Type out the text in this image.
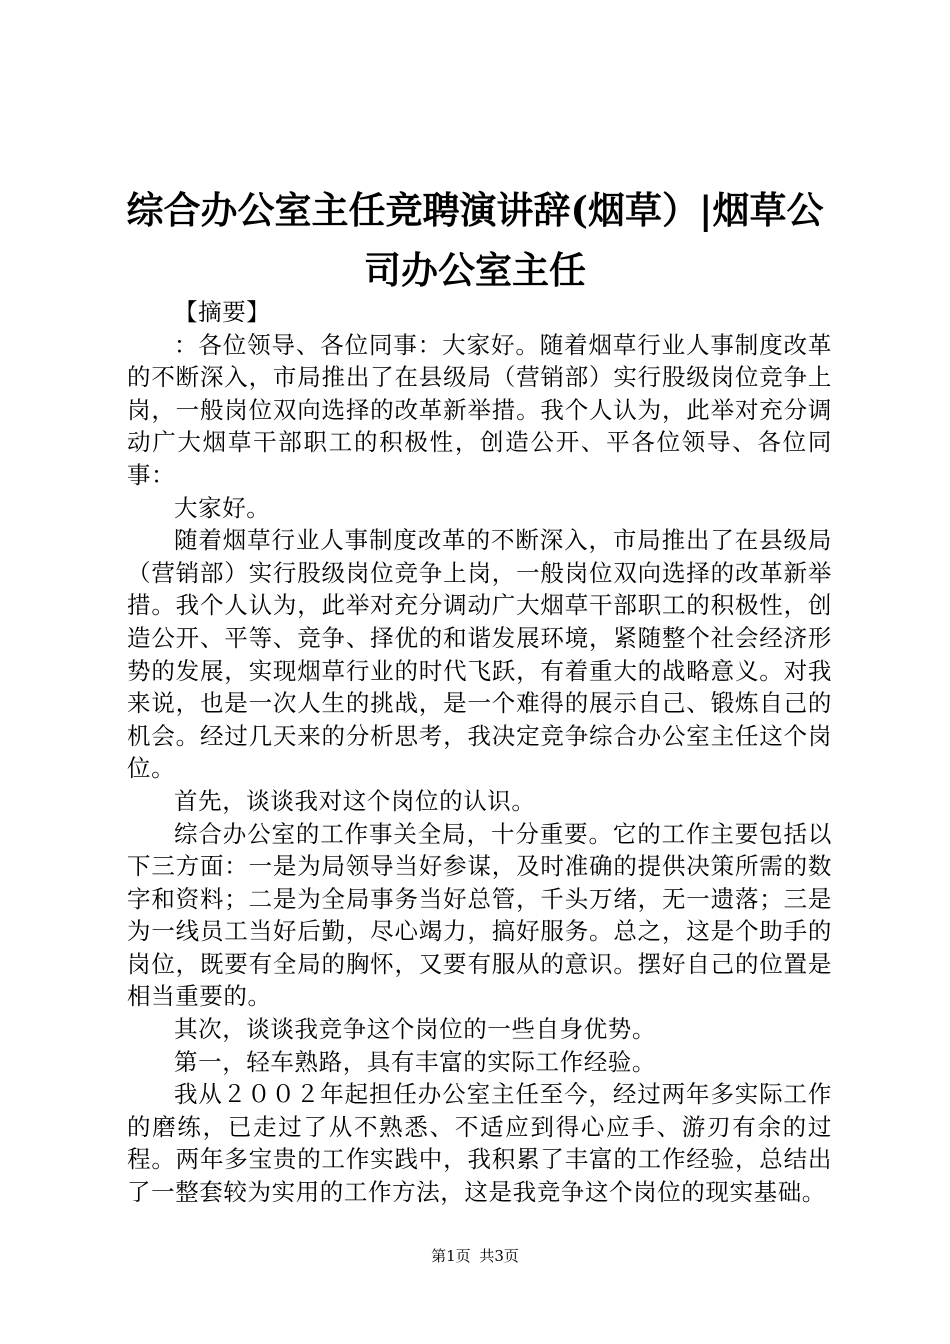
综合办公室主任竞聘演讲辞(烟草）|烟草公司办公室主任

【摘要】

：各位领导、各位同事：大家好。随着烟草行业人事制度改革的不断深入，市局推出了在县级局（营销部）实行股级岗位竞争上岗，一般岗位双向选择的改革新举措。我个人认为，此举对充分调动广大烟草干部职工的积极性，创造公开、平各位领导、各位同事：

大家好。

随着烟草行业人事制度改革的不断深入，市局推出了在县级局（营销部）实行股级岗位竞争上岗，一般岗位双向选择的改革新举措。我个人认为，此举对充分调动广大烟草干部职工的积极性，创造公开、平等、竞争、择优的和谐发展环境，紧随整个社会经济形势的发展，实现烟草行业的时代飞跃，有着重大的战略意义。对我来说，也是一次人生的挑战，是一个难得的展示自己、锻炼自己的机会。经过几天来的分析思考，我决定竞争综合办公室主任这个岗位。

首先，谈谈我对这个岗位的认识。

综合办公室的工作事关全局，十分重要。它的工作主要包括以下三方面：一是为局领导当好参谋，及时准确的提供决策所需的数字和资料；二是为全局事务当好总管，千头万绪，无一遗落；三是为一线员工当好后勤，尽心竭力，搞好服务。总之，这是个助手的岗位，既要有全局的胸怀，又要有服从的意识。摆好自己的位置是相当重要的。

其次，谈谈我竞争这个岗位的一些自身优势。

第一，轻车熟路，具有丰富的实际工作经验。

我从２００２年起担任办公室主任至今，经过两年多实际工作的磨练，已走过了从不熟悉、不适应到得心应手、游刃有余的过程。两年多宝贵的工作实践中，我积累了丰富的工作经验，总结出了一整套较为实用的工作方法，这是我竞争这个岗位的现实基础。

第1页 共3页
